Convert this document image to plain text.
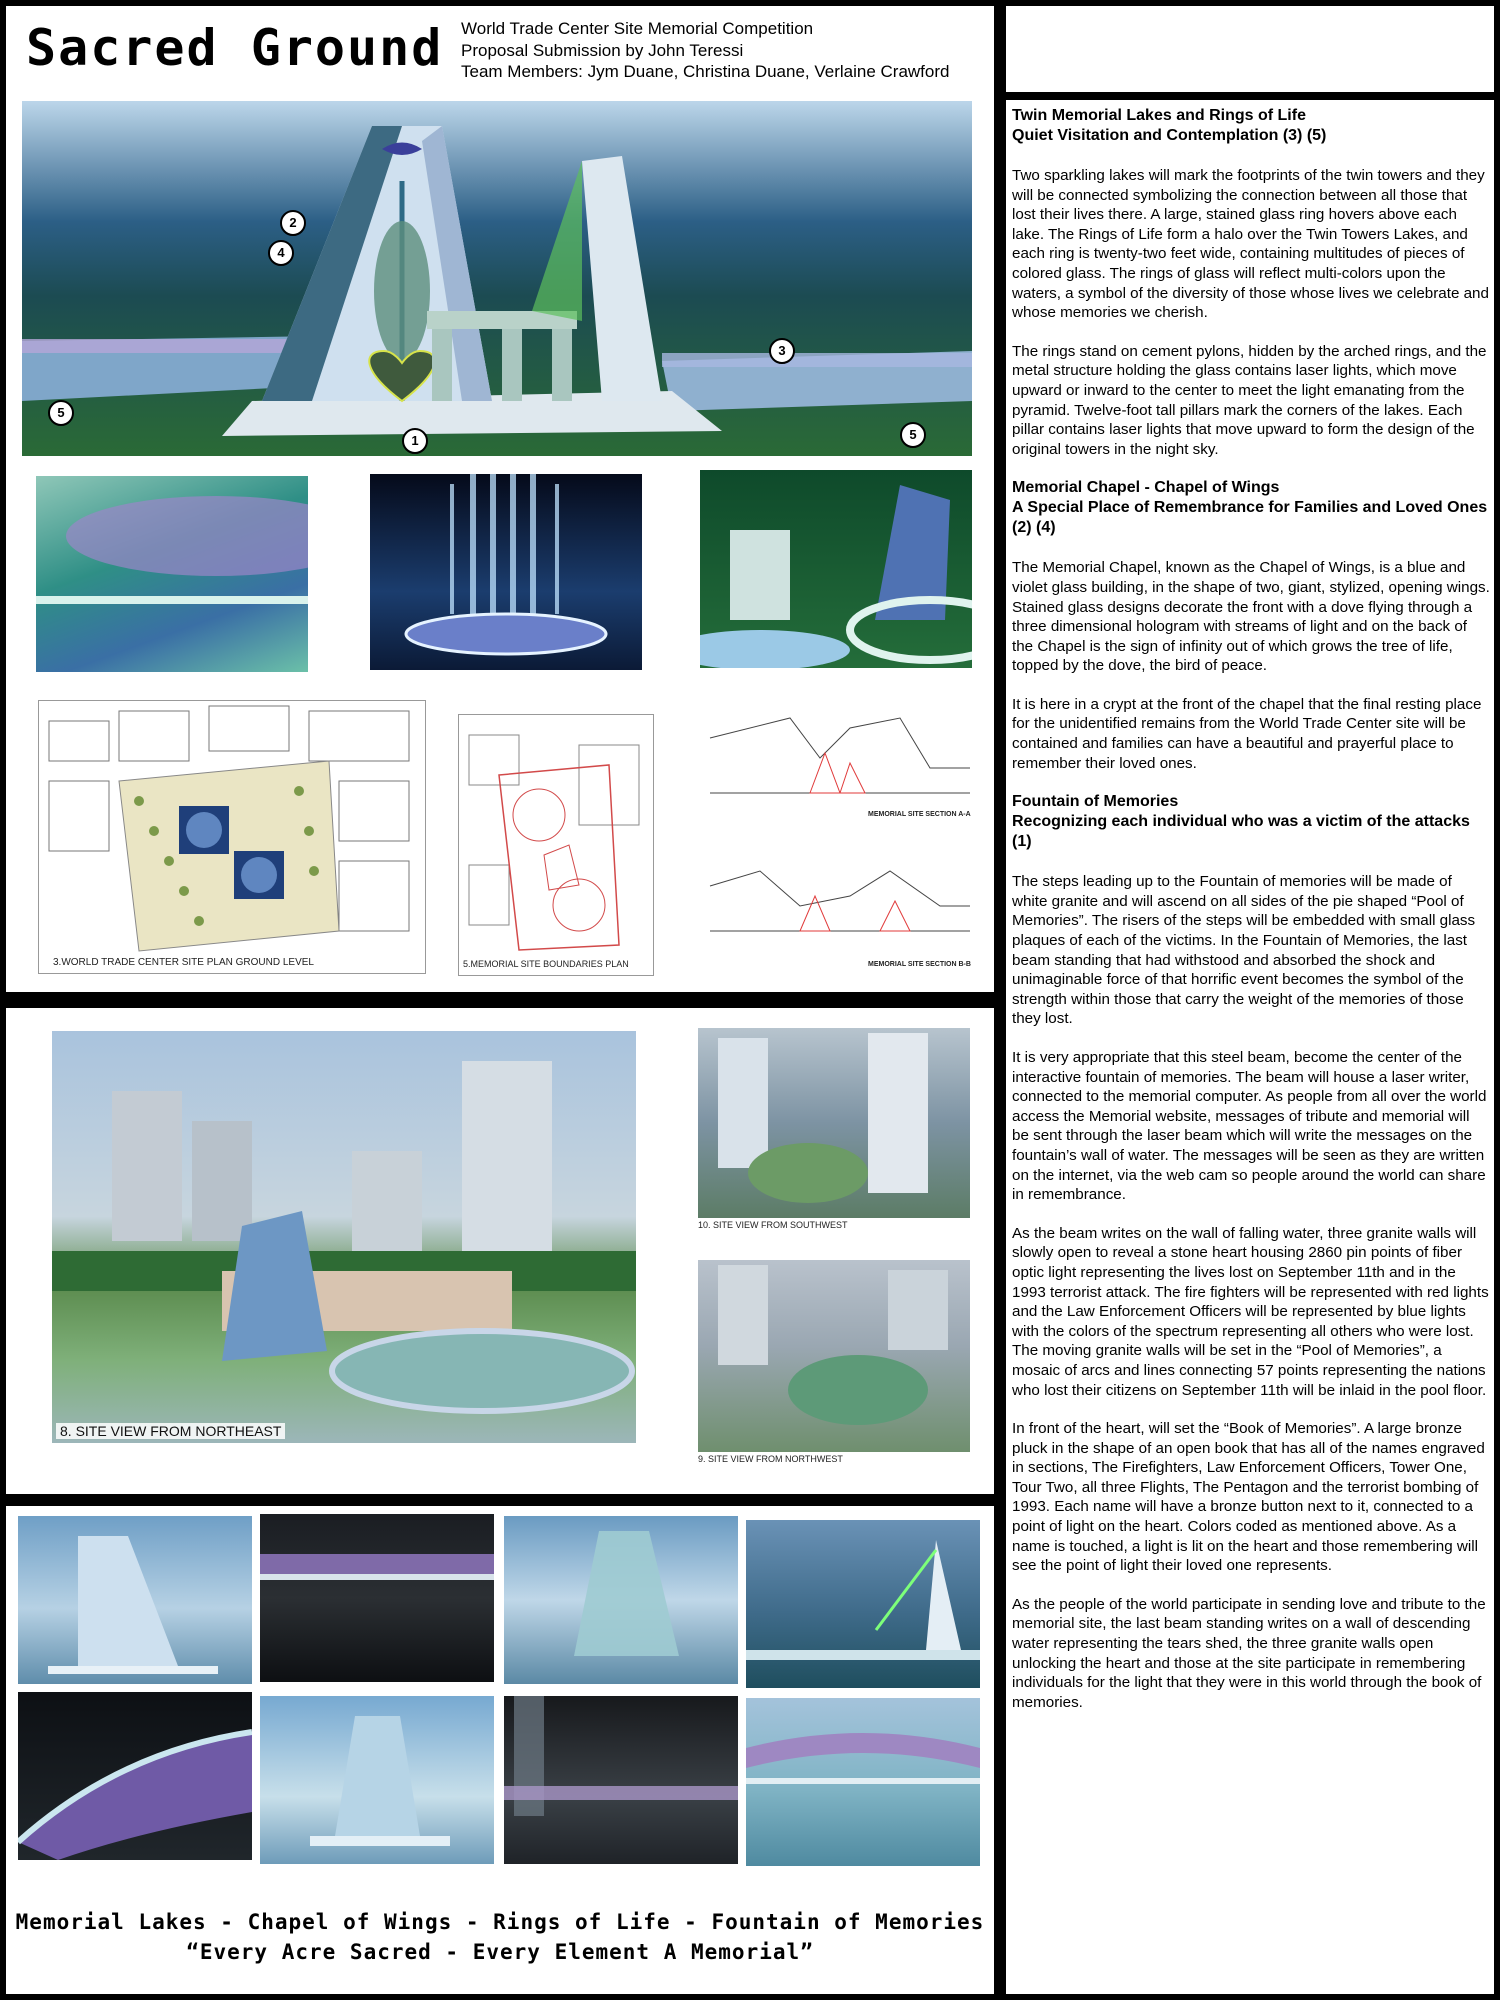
Sacred Ground World Trade Center Site Memorial Competition
Proposal Submission by John Teressi
Team Members: Jym Duane, Christina Duane, Verlaine Crawford
2
4
3
5
1	5
3.WORLD TRADE CENTER SITE PLAN GROUND LEVEL	5.MEMORIAL SITE BOUNDARIES PLAN
MEMORIAL SITE SECTION A-A
MEMORIAL SITE SECTION B-B
8. SITE VIEW FROM NORTHEAST
10. SITE VIEW FROM SOUTHWEST
9. SITE VIEW FROM NORTHWEST
Memorial Lakes - Chapel of Wings - Rings of Life - Fountain of Memories
“Every Acre Sacred - Every Element A Memorial”

Twin Memorial Lakes and Rings of Life

Quiet Visitation and Contemplation (3) (5)

Two sparkling lakes will mark the footprints of the twin towers and they will be connected symbolizing the connection between all those that lost their lives there. A large, stained glass ring hovers above each lake. The Rings of Life form a halo over the Twin Towers Lakes, and each ring is twenty-two feet wide, containing multitudes of pieces of colored glass. The rings of glass will reflect multi-colors upon the waters, a symbol of the diversity of those whose lives we celebrate and whose memories we cherish.

The rings stand on cement pylons, hidden by the arched rings, and the metal structure holding the glass contains laser lights, which move upward or inward to the center to meet the light emanating from the pyramid. Twelve-foot tall pillars mark the corners of the lakes. Each pillar contains laser lights that move upward to form the design of the original towers in the night sky.

Memorial Chapel - Chapel of Wings

A Special Place of Remembrance for Families and Loved Ones (2) (4)

The Memorial Chapel, known as the Chapel of Wings, is a blue and violet glass building, in the shape of two, giant, stylized, opening wings. Stained glass designs decorate the front with a dove flying through a three dimensional hologram with streams of light and on the back of the Chapel is the sign of infinity out of which grows the tree of life, topped by the dove, the bird of peace.

It is here in a crypt at the front of the chapel that the final resting place for the unidentified remains from the World Trade Center site will be contained and families can have a beautiful and prayerful place to remember their loved ones.

Fountain of Memories

Recognizing each individual who was a victim of the attacks (1)

The steps leading up to the Fountain of memories will be made of white granite and will ascend on all sides of the pie shaped “Pool of Memories”. The risers of the steps will be embedded with small glass plaques of each of the victims. In the Fountain of Memories, the last beam standing that had withstood and absorbed the shock and unimaginable force of that horrific event becomes the symbol of the strength within those that carry the weight of the memories of those they lost.

It is very appropriate that this steel beam, become the center of the interactive fountain of memories. The beam will house a laser writer, connected to the memorial computer. As people from all over the world access the Memorial website, messages of tribute and memorial will be sent through the laser beam which will write the messages on the fountain’s wall of water. The messages will be seen as they are written on the internet, via the web cam so people around the world can share in remembrance.

As the beam writes on the wall of falling water, three granite walls will slowly open to reveal a stone heart housing 2860 pin points of fiber optic light representing the lives lost on September 11th and in the 1993 terrorist attack. The fire fighters will be represented with red lights and the Law Enforcement Officers will be represented by blue lights with the colors of the spectrum representing all others who were lost. The moving granite walls will be set in the “Pool of Memories”, a mosaic of arcs and lines connecting 57 points representing the nations who lost their citizens on September 11th will be inlaid in the pool floor.

In front of the heart, will set the “Book of Memories”. A large bronze pluck in the shape of an open book that has all of the names engraved in sections, The Firefighters, Law Enforcement Officers, Tower One, Tour Two, all three Flights, The Pentagon and the terrorist bombing of 1993. Each name will have a bronze button next to it, connected to a point of light on the heart. Colors coded as mentioned above. As a name is touched, a light is lit on the heart and those remembering will see the point of light their loved one represents.

As the people of the world participate in sending love and tribute to the memorial site, the last beam standing writes on a wall of descending water representing the tears shed, the three granite walls open unlocking the heart and those at the site participate in remembering individuals for the light that they were in this world through the book of memories.
